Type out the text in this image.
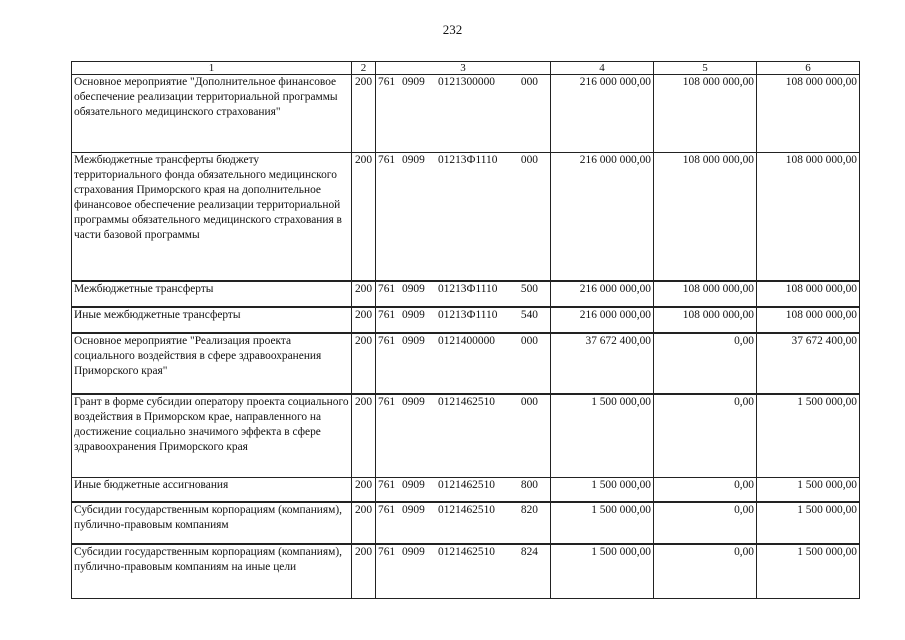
232
1	2	3	4	5	6
Основное мероприятие "Дополнительное финансовое обеспечение реализации территориальной программы обязательного медицинского страхования"	200	761 0909 0121300000 000	216 000 000,00	108 000 000,00	108 000 000,00
Межбюджетные трансферты бюджету территориального фонда обязательного медицинского страхования Приморского края на дополнительное финансовое обеспечение реализации территориальной программы обязательного медицинского страхования в части базовой программы	200	761 0909 01213Ф1110 000	216 000 000,00	108 000 000,00	108 000 000,00
Межбюджетные трансферты	200	761 0909 01213Ф1110 500	216 000 000,00	108 000 000,00	108 000 000,00
Иные межбюджетные трансферты	200	761 0909 01213Ф1110 540	216 000 000,00	108 000 000,00	108 000 000,00
Основное мероприятие "Реализация проекта социального воздействия в сфере здравоохранения Приморского края"	200	761 0909 0121400000 000	37 672 400,00	0,00	37 672 400,00
Грант в форме субсидии оператору проекта социального воздействия в Приморском крае, направленного на достижение социально значимого эффекта в сфере здравоохранения Приморского края	200	761 0909 0121462510 000	1 500 000,00	0,00	1 500 000,00
Иные бюджетные ассигнования	200	761 0909 0121462510 800	1 500 000,00	0,00	1 500 000,00
Субсидии государственным корпорациям (компаниям), публично-правовым компаниям	200	761 0909 0121462510 820	1 500 000,00	0,00	1 500 000,00
Субсидии государственным корпорациям (компаниям), публично-правовым компаниям на иные цели	200	761 0909 0121462510 824	1 500 000,00	0,00	1 500 000,00
